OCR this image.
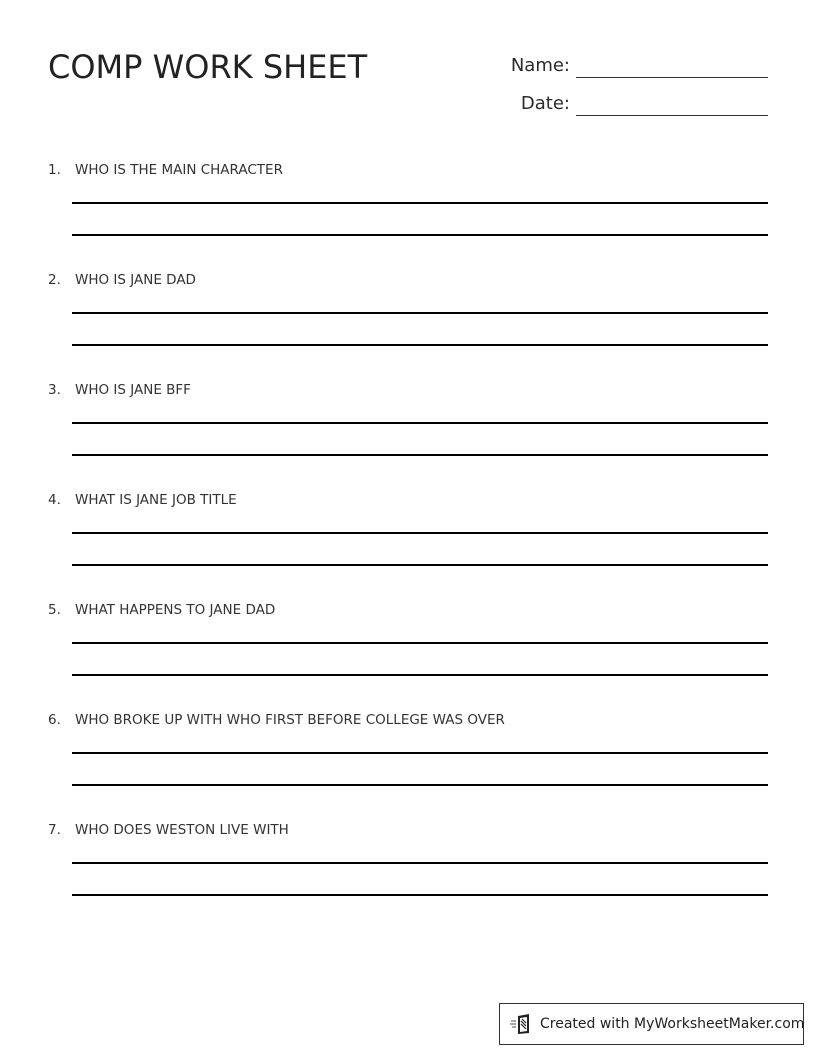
COMP WORK SHEET	Name:
Date:
1. WHO IS THE MAIN CHARACTER
2. WHO IS JANE DAD
3. WHO IS JANE BFF
4. WHAT IS JANE JOB TITLE
5. WHAT HAPPENS TO JANE DAD
6. WHO BROKE UP WITH WHO FIRST BEFORE COLLEGE WAS OVER
7. WHO DOES WESTON LIVE WITH
Created with MyWorksheetMaker.com
